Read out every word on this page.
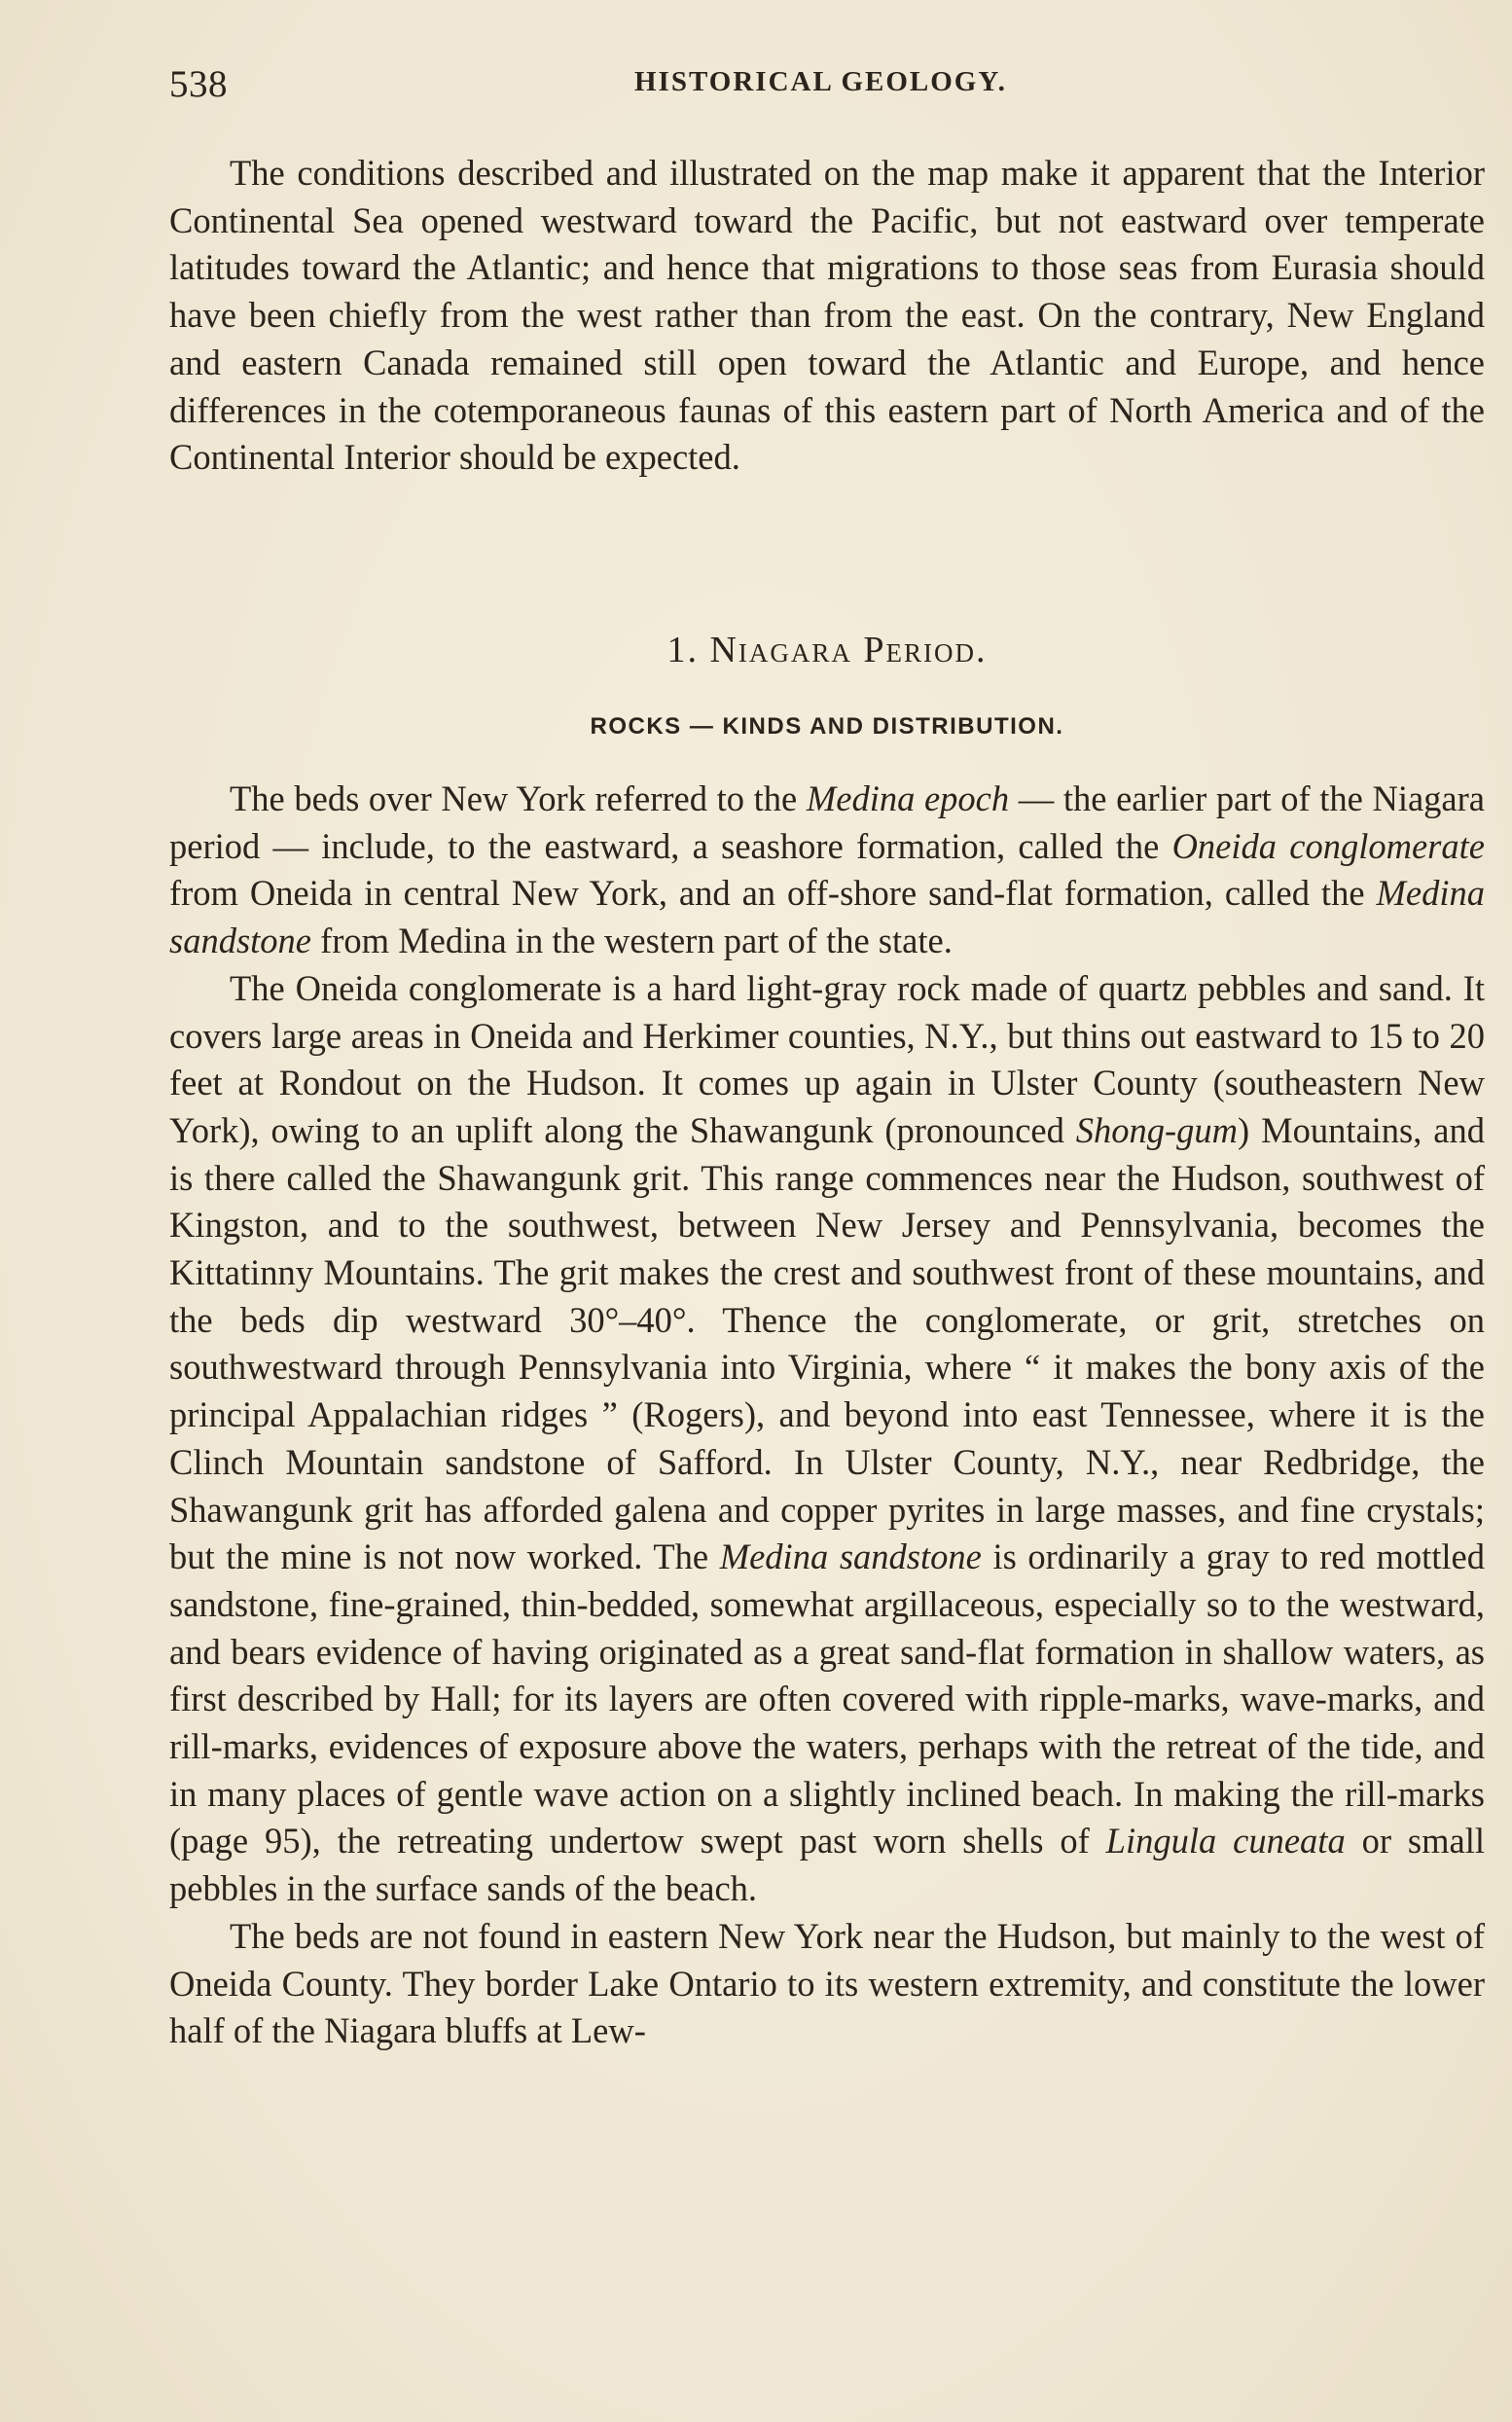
538	HISTORICAL GEOLOGY.

The conditions described and illustrated on the map make it apparent that the Interior Continental Sea opened westward toward the Pacific, but not eastward over temperate latitudes toward the Atlantic; and hence that migrations to those seas from Eurasia should have been chiefly from the west rather than from the east. On the contrary, New England and eastern Canada remained still open toward the Atlantic and Europe, and hence differences in the cotemporaneous faunas of this eastern part of North America and of the Continental Interior should be expected.

1. Niagara Period.
ROCKS — KINDS AND DISTRIBUTION.

The beds over New York referred to the Medina epoch — the earlier part of the Niagara period — include, to the eastward, a seashore formation, called the Oneida conglomerate from Oneida in central New York, and an off-shore sand-flat formation, called the Medina sandstone from Medina in the western part of the state.

The Oneida conglomerate is a hard light-gray rock made of quartz pebbles and sand. It covers large areas in Oneida and Herkimer counties, N.Y., but thins out eastward to 15 to 20 feet at Rondout on the Hudson. It comes up again in Ulster County (southeastern New York), owing to an uplift along the Shawangunk (pronounced Shong-gum) Mountains, and is there called the Shawangunk grit. This range commences near the Hudson, southwest of Kingston, and to the southwest, between New Jersey and Pennsylvania, becomes the Kittatinny Mountains. The grit makes the crest and southwest front of these mountains, and the beds dip westward 30°–40°. Thence the conglomerate, or grit, stretches on southwestward through Pennsylvania into Virginia, where “ it makes the bony axis of the principal Appalachian ridges ” (Rogers), and beyond into east Tennessee, where it is the Clinch Mountain sandstone of Safford. In Ulster County, N.Y., near Redbridge, the Shawangunk grit has afforded galena and copper pyrites in large masses, and fine crystals; but the mine is not now worked. The Medina sandstone is ordinarily a gray to red mottled sandstone, fine-grained, thin-bedded, somewhat argillaceous, especially so to the westward, and bears evidence of having originated as a great sand-flat formation in shallow waters, as first described by Hall; for its layers are often covered with ripple-marks, wave-marks, and rill-marks, evidences of exposure above the waters, perhaps with the retreat of the tide, and in many places of gentle wave action on a slightly inclined beach. In making the rill-marks (page 95), the retreating undertow swept past worn shells of Lingula cuneata or small pebbles in the surface sands of the beach.

The beds are not found in eastern New York near the Hudson, but mainly to the west of Oneida County. They border Lake Ontario to its western extremity, and constitute the lower half of the Niagara bluffs at Lew-
